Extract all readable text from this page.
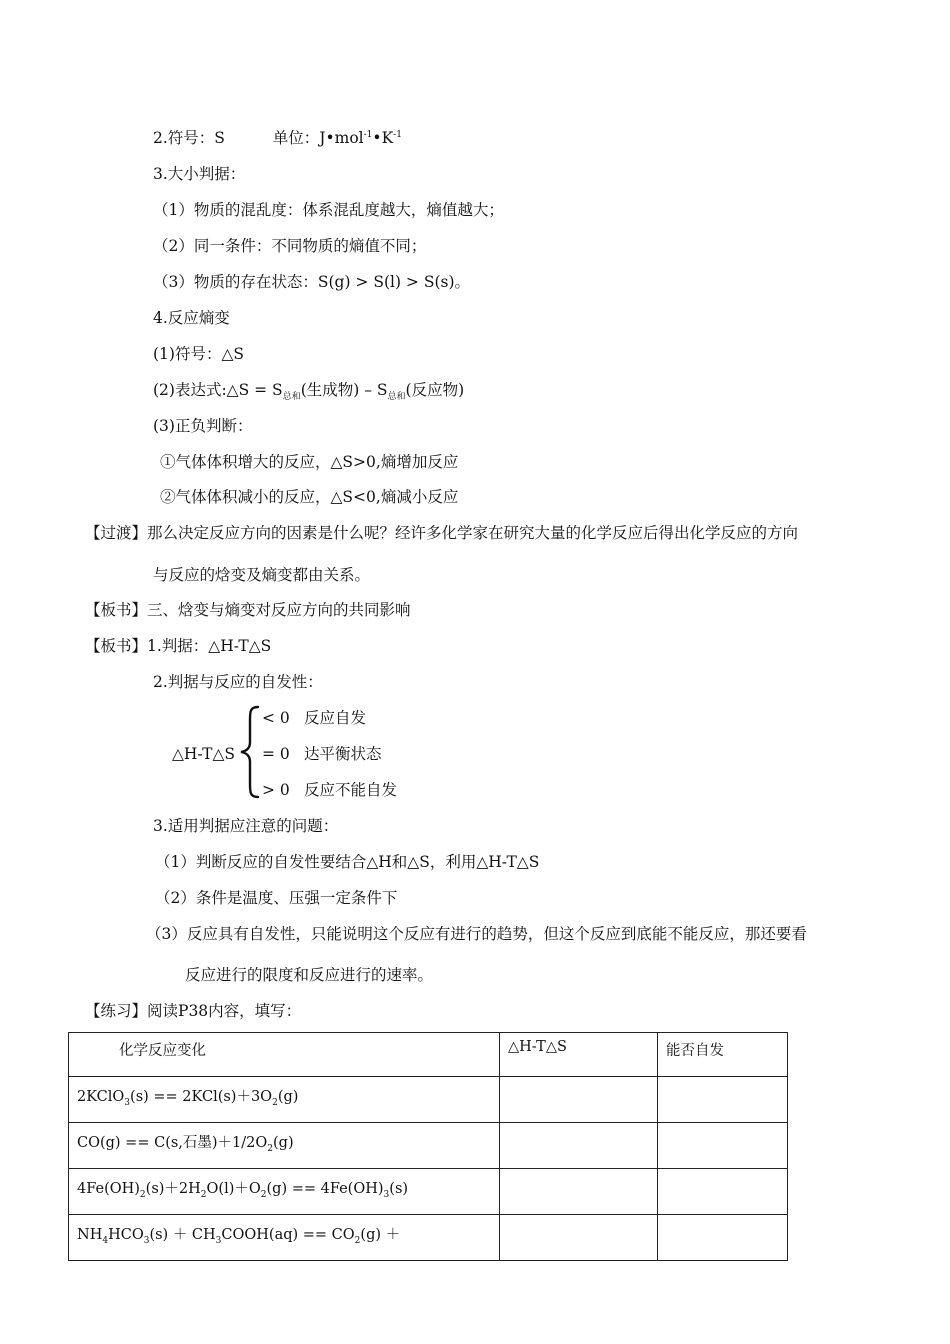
2.符号：S	单位：$J•mol^{-1}•K^{-1}$
3.大小判据：
（1）物质的混乱度：体系混乱度越大，熵值越大；
（2）同一条件：不同物质的熵值不同；
（3）物质的存在状态：S(g) > S(l) > S(s)。
4.反应熵变
(1)符号：△S
(2)表达式:△S = $S_{总和}$(生成物) – $S_{总和}$(反应物)
(3)正负判断：
①气体体积增大的反应，△S>0,熵增加反应
②气体体积减小的反应，△S<0,熵减小反应
【过渡】那么决定反应方向的因素是什么呢？经许多化学家在研究大量的化学反应后得出化学反应的方向
与反应的焓变及熵变都由关系。
【板书】三、焓变与熵变对反应方向的共同影响
【板书】1.判据：△H-T△S
2.判据与反应的自发性：
△H-T△S
< 0 反应自发
= 0 达平衡状态
> 0 反应不能自发
3.适用判据应注意的问题：
（1）判断反应的自发性要结合△H和△S，利用△H-T△S
（2）条件是温度、压强一定条件下
（3）反应具有自发性，只能说明这个反应有进行的趋势，但这个反应到底能不能反应，那还要看
反应进行的限度和反应进行的速率。
【练习】阅读P38内容，填写：
化学反应变化	△H-T△S	能否自发
2KClO$_3$(s) == $2KCl(s)+3O_2(g)$		
CO(g) == C(s,石墨)$+1/2O_2(g)$		
$4Fe(OH)_2(s)+2H_2O(l)+O_2(g) == 4Fe(OH)_3(s)$		
$NH_4HCO_3(s)$ ＋ $CH_3COOH(aq) == CO_2(g)$ ＋		
